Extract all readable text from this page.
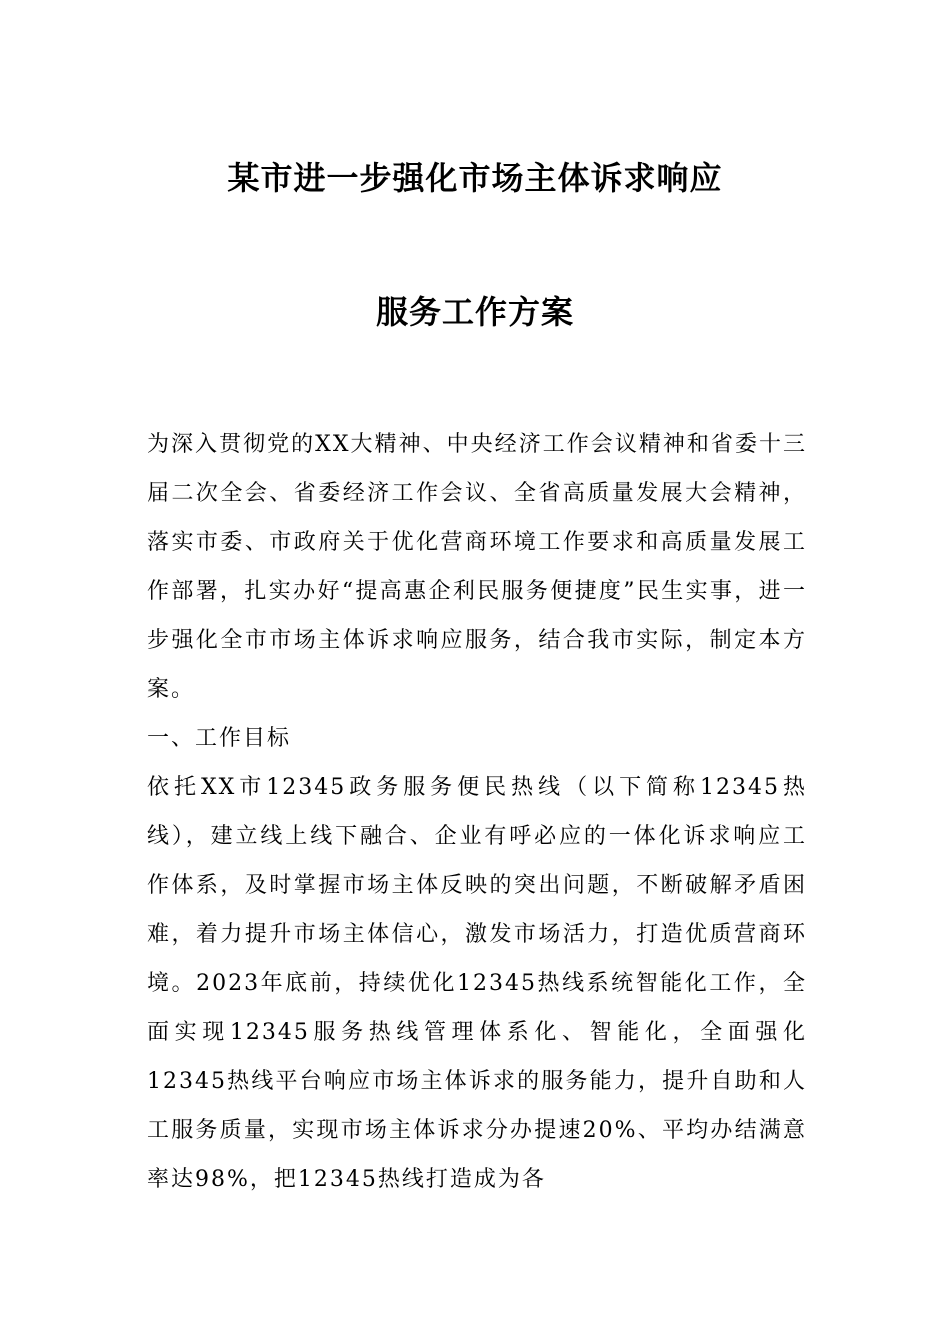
某市进一步强化市场主体诉求响应
服务工作方案

为深入贯彻党的XX大精神、中央经济工作会议精神和省委十三届二次全会、省委经济工作会议、全省高质量发展大会精神，落实市委、市政府关于优化营商环境工作要求和高质量发展工作部署，扎实办好“提高惠企利民服务便捷度”民生实事，进一步强化全市市场主体诉求响应服务，结合我市实际，制定本方案。

一、工作目标

依托XX市12345政务服务便民热线（以下简称12345热线），建立线上线下融合、企业有呼必应的一体化诉求响应工作体系，及时掌握市场主体反映的突出问题，不断破解矛盾困难，着力提升市场主体信心，激发市场活力，打造优质营商环境。2023年底前，持续优化12345热线系统智能化工作，全面实现12345服务热线管理体系化、智能化，全面强化12345热线平台响应市场主体诉求的服务能力，提升自助和人工服务质量，实现市场主体诉求分办提速20%、平均办结满意率达98%，把12345热线打造成为各
